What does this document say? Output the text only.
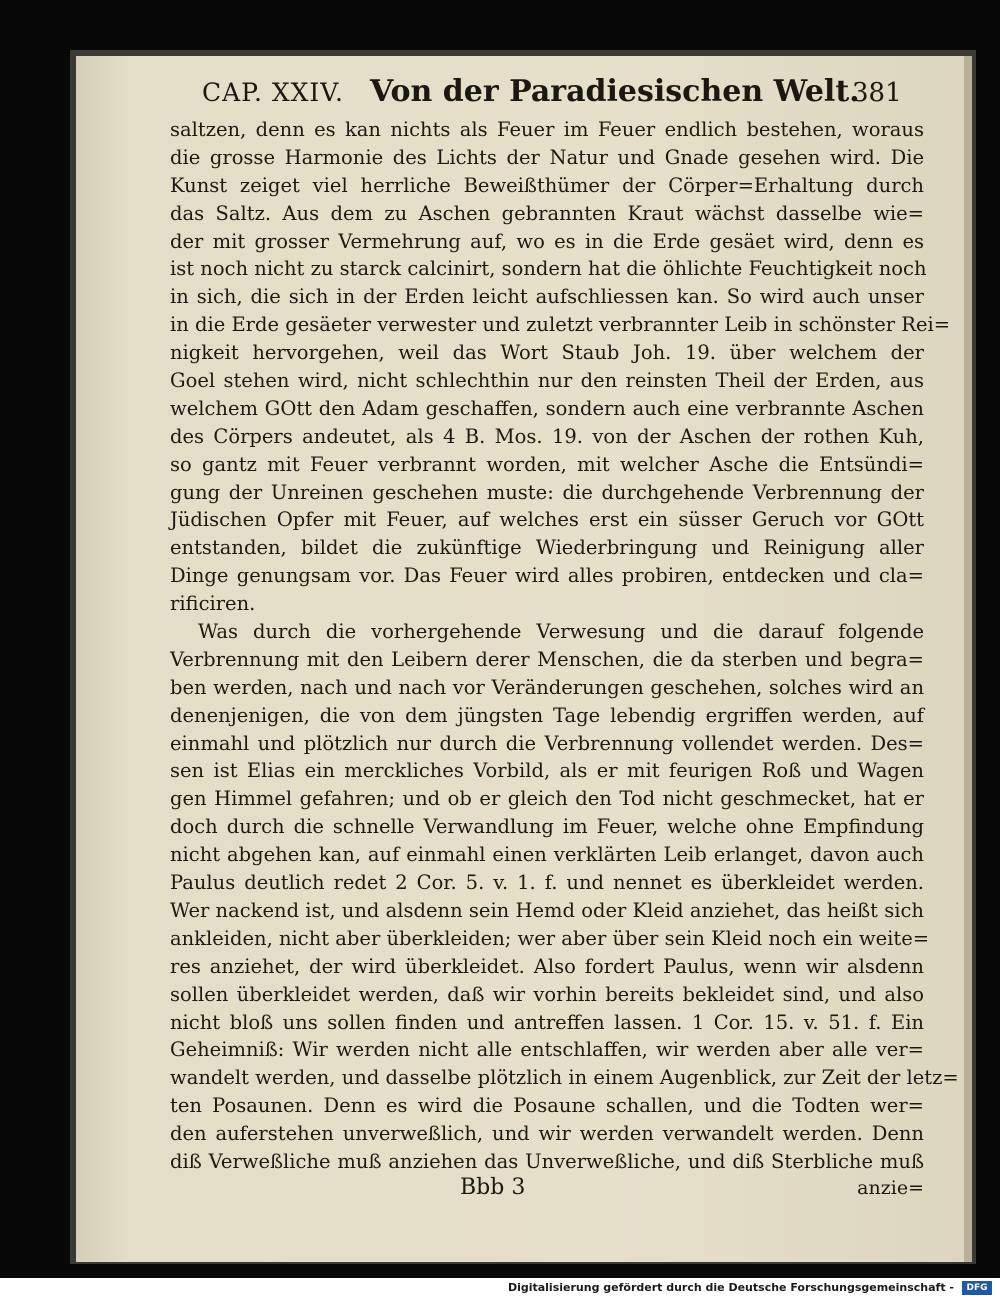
CAP. XXIV. Von der Paradiesischen Welt.
381
saltzen, denn es kan nichts als Feuer im Feuer endlich bestehen, woraus
die grosse Harmonie des Lichts der Natur und Gnade gesehen wird. Die
Kunst zeiget viel herrliche Beweißthümer der Cörper=Erhaltung durch
das Saltz. Aus dem zu Aschen gebrannten Kraut wächst dasselbe wie=
der mit grosser Vermehrung auf, wo es in die Erde gesäet wird, denn es
ist noch nicht zu starck calcinirt, sondern hat die öhlichte Feuchtigkeit noch
in sich, die sich in der Erden leicht aufschliessen kan. So wird auch unser
in die Erde gesäeter verwester und zuletzt verbrannter Leib in schönster Rei=
nigkeit hervorgehen, weil das Wort Staub Joh. 19. über welchem der
Goel stehen wird, nicht schlechthin nur den reinsten Theil der Erden, aus
welchem GOtt den Adam geschaffen, sondern auch eine verbrannte Aschen
des Cörpers andeutet, als 4 B. Mos. 19. von der Aschen der rothen Kuh,
so gantz mit Feuer verbrannt worden, mit welcher Asche die Entsündi=
gung der Unreinen geschehen muste: die durchgehende Verbrennung der
Jüdischen Opfer mit Feuer, auf welches erst ein süsser Geruch vor GOtt
entstanden, bildet die zukünftige Wiederbringung und Reinigung aller
Dinge genungsam vor. Das Feuer wird alles probiren, entdecken und cla=
rificiren.
Was durch die vorhergehende Verwesung und die darauf folgende
Verbrennung mit den Leibern derer Menschen, die da sterben und begra=
ben werden, nach und nach vor Veränderungen geschehen, solches wird an
denenjenigen, die von dem jüngsten Tage lebendig ergriffen werden, auf
einmahl und plötzlich nur durch die Verbrennung vollendet werden. Des=
sen ist Elias ein merckliches Vorbild, als er mit feurigen Roß und Wagen
gen Himmel gefahren; und ob er gleich den Tod nicht geschmecket, hat er
doch durch die schnelle Verwandlung im Feuer, welche ohne Empfindung
nicht abgehen kan, auf einmahl einen verklärten Leib erlanget, davon auch
Paulus deutlich redet 2 Cor. 5. v. 1. f. und nennet es überkleidet werden.
Wer nackend ist, und alsdenn sein Hemd oder Kleid anziehet, das heißt sich
ankleiden, nicht aber überkleiden; wer aber über sein Kleid noch ein weite=
res anziehet, der wird überkleidet. Also fordert Paulus, wenn wir alsdenn
sollen überkleidet werden, daß wir vorhin bereits bekleidet sind, und also
nicht bloß uns sollen finden und antreffen lassen. 1 Cor. 15. v. 51. f. Ein
Geheimniß: Wir werden nicht alle entschlaffen, wir werden aber alle ver=
wandelt werden, und dasselbe plötzlich in einem Augenblick, zur Zeit der letz=
ten Posaunen. Denn es wird die Posaune schallen, und die Todten wer=
den auferstehen unverweßlich, und wir werden verwandelt werden. Denn
diß Verweßliche muß anziehen das Unverweßliche, und diß Sterbliche muß
Bbb 3	anzie=
Digitalisierung gefördert durch die Deutsche Forschungsgemeinschaft -	DFG
